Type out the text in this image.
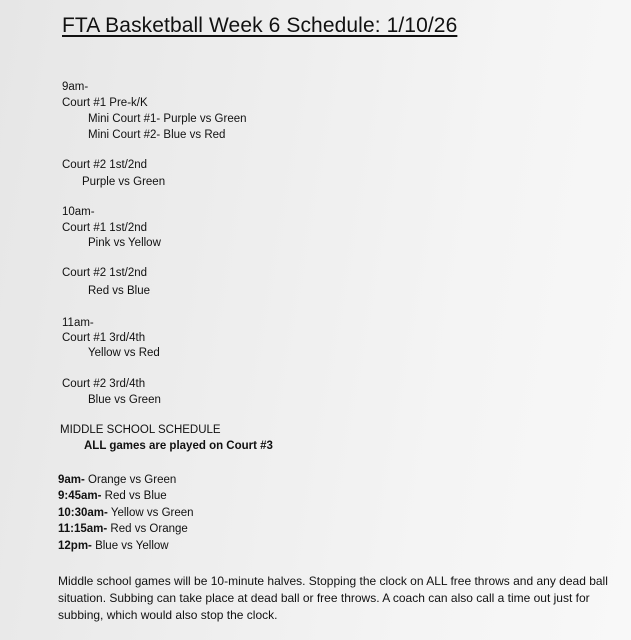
FTA Basketball Week 6 Schedule: 1/10/26
9am-
Court #1 Pre-k/K
Mini Court #1- Purple vs Green
Mini Court #2- Blue vs Red
Court #2 1st/2nd
Purple vs Green
10am-
Court #1 1st/2nd
Pink vs Yellow
Court #2 1st/2nd
Red vs Blue
11am-
Court #1 3rd/4th
Yellow vs Red
Court #2 3rd/4th
Blue vs Green
MIDDLE SCHOOL SCHEDULE
ALL games are played on Court #3
9am- Orange vs Green
9:45am- Red vs Blue
10:30am- Yellow vs Green
11:15am- Red vs Orange
12pm- Blue vs Yellow
Middle school games will be 10-minute halves. Stopping the clock on ALL free throws and any dead ball situation. Subbing can take place at dead ball or free throws. A coach can also call a time out just for subbing, which would also stop the clock.
